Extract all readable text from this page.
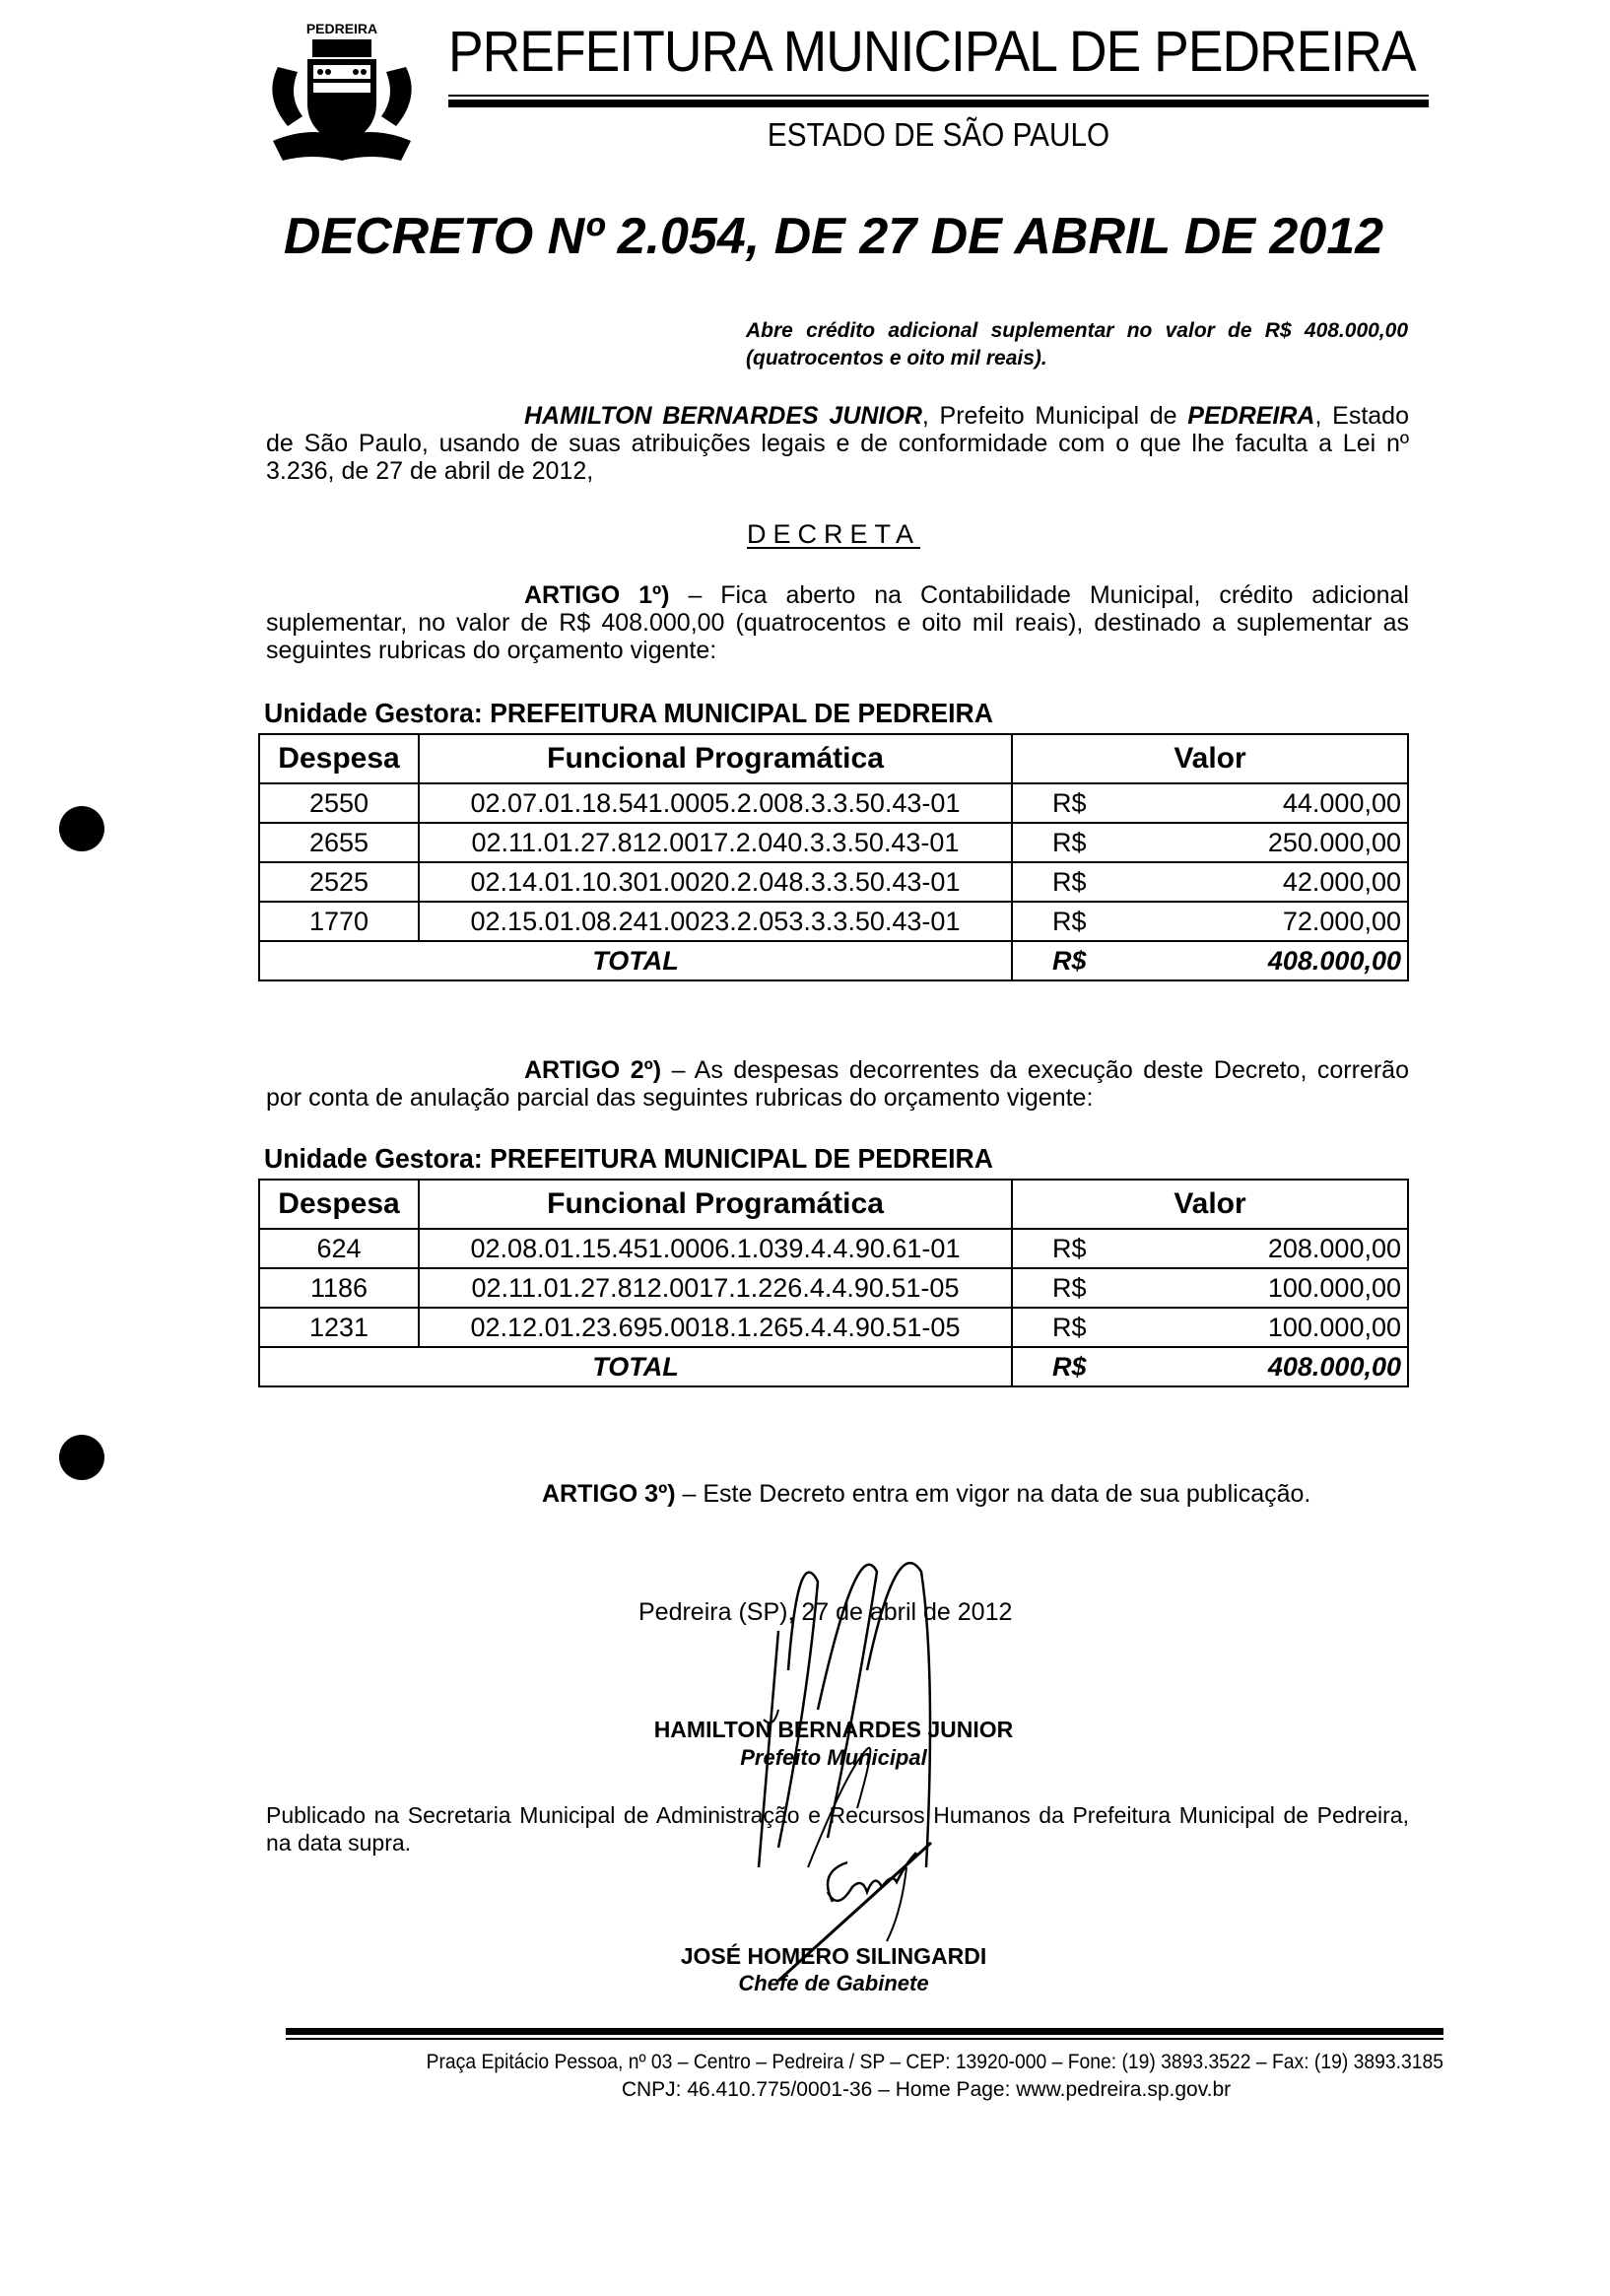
PEDREIRA PREFEITURA MUNICIPAL DE PEDREIRA
ESTADO DE SÃO PAULO
DECRETO Nº 2.054, DE 27 DE ABRIL DE 2012
Abre crédito adicional suplementar no valor de R$ 408.000,00 (quatrocentos e oito mil reais).
HAMILTON BERNARDES JUNIOR, Prefeito Municipal de PEDREIRA, Estado de São Paulo, usando de suas atribuições legais e de conformidade com o que lhe faculta a Lei nº 3.236, de 27 de abril de 2012,
DECRETA
ARTIGO 1º) – Fica aberto na Contabilidade Municipal, crédito adicional suplementar, no valor de R$ 408.000,00 (quatrocentos e oito mil reais), destinado a suplementar as seguintes rubricas do orçamento vigente:
Unidade Gestora: PREFEITURA MUNICIPAL DE PEDREIRA
Despesa	Funcional Programática	Valor	
2550	02.07.01.18.541.0005.2.008.3.3.50.43-01	R$	44.000,00
2655	02.11.01.27.812.0017.2.040.3.3.50.43-01	R$	250.000,00
2525	02.14.01.10.301.0020.2.048.3.3.50.43-01	R$	42.000,00
1770	02.15.01.08.241.0023.2.053.3.3.50.43-01	R$	72.000,00
TOTAL		R$	408.000,00
ARTIGO 2º) – As despesas decorrentes da execução deste Decreto, correrão por conta de anulação parcial das seguintes rubricas do orçamento vigente:
Unidade Gestora: PREFEITURA MUNICIPAL DE PEDREIRA
Despesa	Funcional Programática	Valor	
624	02.08.01.15.451.0006.1.039.4.4.90.61-01	R$	208.000,00
1186	02.11.01.27.812.0017.1.226.4.4.90.51-05	R$	100.000,00
1231	02.12.01.23.695.0018.1.265.4.4.90.51-05	R$	100.000,00
TOTAL		R$	408.000,00
ARTIGO 3º) – Este Decreto entra em vigor na data de sua publicação.
Pedreira (SP), 27 de abril de 2012
HAMILTON BERNARDES JUNIOR
Prefeito Municipal
Publicado na Secretaria Municipal de Administração e Recursos Humanos da Prefeitura Municipal de Pedreira, na data supra.
JOSÉ HOMERO SILINGARDI
Chefe de Gabinete
Praça Epitácio Pessoa, nº 03 – Centro – Pedreira / SP – CEP: 13920-000 – Fone: (19) 3893.3522 – Fax: (19) 3893.3185
CNPJ: 46.410.775/0001-36 – Home Page: www.pedreira.sp.gov.br
